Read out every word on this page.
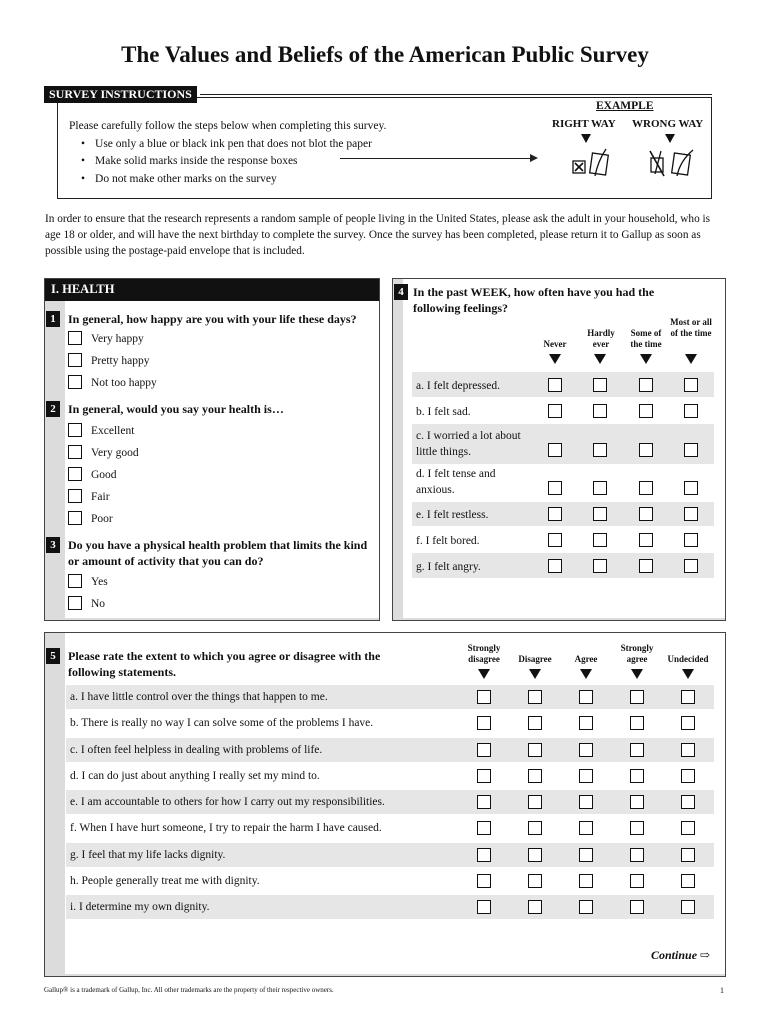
The Values and Beliefs of the American Public Survey
SURVEY INSTRUCTIONS
Please carefully follow the steps below when completing this survey.
• Use only a blue or black ink pen that does not blot the paper
• Make solid marks inside the response boxes
• Do not make other marks on the survey
EXAMPLE
RIGHT WAY WRONG WAY
In order to ensure that the research represents a random sample of people living in the United States, please ask the adult in your household, who is age 18 or older, and will have the next birthday to complete the survey. Once the survey has been completed, please return it to Gallup as soon as possible using the postage-paid envelope that is included.
I. HEALTH
1	In general, how happy are you with your life these days?
Very happy
Pretty happy
Not too happy
2	In general, would you say your health is…
Excellent
Very good
Good
Fair
Poor
3	Do you have a physical health problem that limits the kind or amount of activity that you can do?
Yes
No
4 In the past WEEK, how often have you had the following feelings?
Never
Hardly ever
Some of the time
Most or all of the time
a. I felt depressed.
b. I felt sad.
c. I worried a lot about little things.
d. I felt tense and anxious.
e. I felt restless.
f. I felt bored.
g. I felt angry.
5	Please rate the extent to which you agree or disagree with the following statements.
Strongly disagree	Disagree	Agree
Strongly agree	Undecided
a. I have little control over the things that happen to me.
b. There is really no way I can solve some of the problems I have.
c. I often feel helpless in dealing with problems of life.
d. I can do just about anything I really set my mind to.
e. I am accountable to others for how I carry out my responsibilities.
f. When I have hurt someone, I try to repair the harm I have caused.
g. I feel that my life lacks dignity.
h. People generally treat me with dignity.
i. I determine my own dignity.
Continue ⇨
Gallup® is a trademark of Gallup, Inc. All other trademarks are the property of their respective owners.	1
